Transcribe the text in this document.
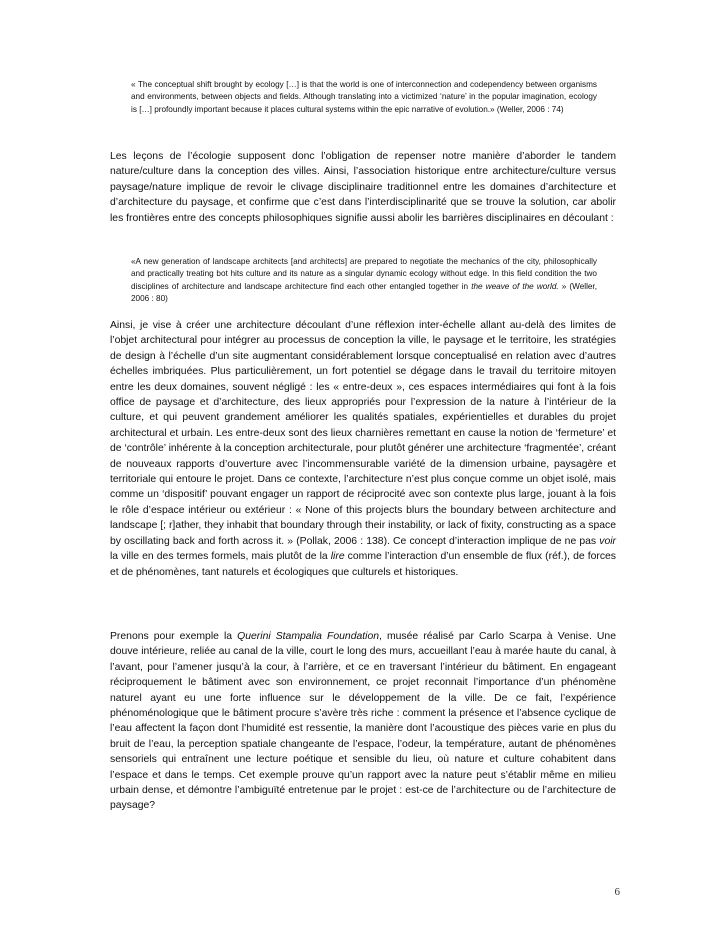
« The conceptual shift brought by ecology […] is that the world is one of interconnection and codependency between organisms and environments, between objects and fields. Although translating into a victimized ‘nature’ in the popular imagination, ecology is […] profoundly important because it places cultural systems within the epic narrative of evolution.» (Weller, 2006 : 74)

Les leçons de l’écologie supposent donc l’obligation de repenser notre manière d’aborder le tandem nature/culture dans la conception des villes. Ainsi, l’association historique entre architecture/culture versus paysage/nature implique de revoir le clivage disciplinaire traditionnel entre les domaines d’architecture et d’architecture du paysage, et confirme que c’est dans l’interdisciplinarité que se trouve la solution, car abolir les frontières entre des concepts philosophiques signifie aussi abolir les barrières disciplinaires en découlant :

«A new generation of landscape architects [and architects] are prepared to negotiate the mechanics of the city, philosophically and practically treating bot hits culture and its nature as a singular dynamic ecology without edge. In this field condition the two disciplines of architecture and landscape architecture find each other entangled together in the weave of the world. » (Weller, 2006 : 80)

Ainsi, je vise à créer une architecture découlant d’une réflexion inter-échelle allant au-delà des limites de l’objet architectural pour intégrer au processus de conception la ville, le paysage et le territoire, les stratégies de design à l’échelle d’un site augmentant considérablement lorsque conceptualisé en relation avec d’autres échelles imbriquées. Plus particulièrement, un fort potentiel se dégage dans le travail du territoire mitoyen entre les deux domaines, souvent négligé : les « entre-deux », ces espaces intermédiaires qui font à la fois office de paysage et d’architecture, des lieux appropriés pour l’expression de la nature à l’intérieur de la culture, et qui peuvent grandement améliorer les qualités spatiales, expérientielles et durables du projet architectural et urbain. Les entre-deux sont des lieux charnières remettant en cause la notion de ‘fermeture’ et de ‘contrôle’ inhérente à la conception architecturale, pour plutôt générer une architecture ‘fragmentée’, créant de nouveaux rapports d’ouverture avec l’incommensurable variété de la dimension urbaine, paysagère et territoriale qui entoure le projet. Dans ce contexte, l’architecture n’est plus conçue comme un objet isolé, mais comme un ‘dispositif’ pouvant engager un rapport de réciprocité avec son contexte plus large, jouant à la fois le rôle d’espace intérieur ou extérieur : « None of this projects blurs the boundary between architecture and landscape [; r]ather, they inhabit that boundary through their instability, or lack of fixity, constructing as a space by oscillating back and forth across it. » (Pollak, 2006 : 138). Ce concept d’interaction implique de ne pas voir la ville en des termes formels, mais plutôt de la lire comme l’interaction d’un ensemble de flux (réf.), de forces et de phénomènes, tant naturels et écologiques que culturels et historiques.

Prenons pour exemple la Querini Stampalia Foundation, musée réalisé par Carlo Scarpa à Venise. Une douve intérieure, reliée au canal de la ville, court le long des murs, accueillant l’eau à marée haute du canal, à l’avant, pour l’amener jusqu’à la cour, à l’arrière, et ce en traversant l’intérieur du bâtiment. En engageant réciproquement le bâtiment avec son environnement, ce projet reconnait l’importance d’un phénomène naturel ayant eu une forte influence sur le développement de la ville. De ce fait, l’expérience phénoménologique que le bâtiment procure s’avère très riche : comment la présence et l’absence cyclique de l’eau affectent la façon dont l’humidité est ressentie, la manière dont l’acoustique des pièces varie en plus du bruit de l’eau, la perception spatiale changeante de l’espace, l’odeur, la température, autant de phénomènes sensoriels qui entraînent une lecture poétique et sensible du lieu, où nature et culture cohabitent dans l’espace et dans le temps. Cet exemple prouve qu’un rapport avec la nature peut s’établir même en milieu urbain dense, et démontre l’ambiguïté entretenue par le projet : est-ce de l’architecture ou de l’architecture de paysage?

6
